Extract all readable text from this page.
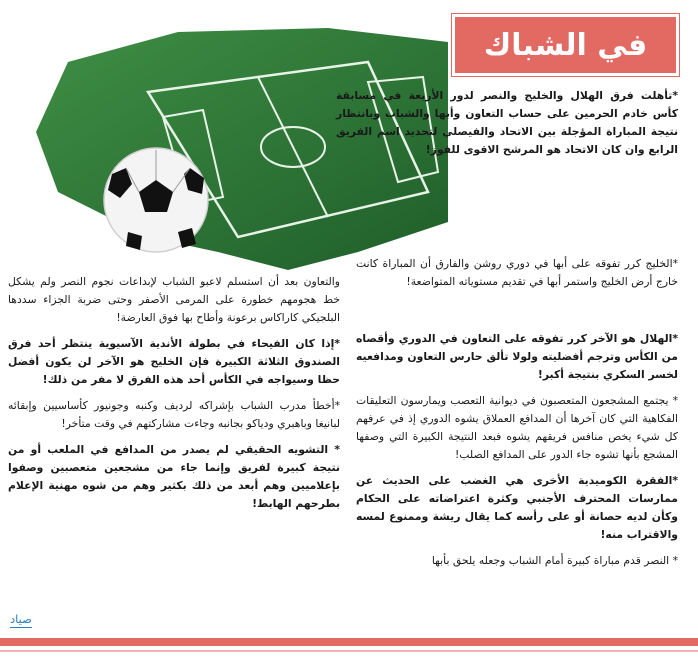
في الشباك

*تأهلت فرق الهلال والخليج والنصر لدور الأربعة في مسابقة كأس خادم الحرمين على حساب التعاون وأبها والشباب وبانتظار نتيجة المباراة المؤجلة بين الاتحاد والفيصلي لتحديد اسم الفريق الرابع وان كان الاتحاد هو المرشح الاقوى للفوز!

*الخليج كرر تفوقه على أبها في دوري روشن والفارق أن المباراة كانت خارج أرض الخليج واستمر أبها في تقديم مستوياته المتواضعة!

*الهلال هو الآخر كرر تفوقه على التعاون في الدوري وأقصاه من الكأس وترجم أفضليته ولولا تألق حارس التعاون ومدافعيه لخسر السكري بنتيجة أكبر!

* يجتمع المشجعون المتعصبون في ديوانية التعصب ويمارسون التعليقات الفكاهية التي كان آخرها أن المدافع العملاق يشوه الدوري إذ في عرفهم كل شيء يخص منافس فريقهم يشوه فبعد النتيجة الكبيرة التي وصفها المشجع بأنها تشوه جاء الدور على المدافع الصلب!

*الفقرة الكوميدية الأخرى هي الغضب على الحديث عن ممارسات المحترف الأجنبي وكثرة اعتراضاته على الحكام وكأن لديه حصانة أو على رأسه كما يقال ريشة وممنوع لمسه والاقتراب منه!

* النصر قدم مباراة كبيرة أمام الشباب وجعله يلحق بأبها

والتعاون بعد أن استسلم لاعبو الشباب لإبداعات نجوم النصر ولم يشكل خط هجومهم خطورة على المرمى الأصفر وحتى ضربة الجزاء سددها البلجيكي كاراكاس برعونة وأطاح بها فوق العارضة!

*إذا كان الفيحاء في بطولة الأندية الآسيوية ينتظر أحد فرق الصندوق الثلاثة الكبيرة فإن الخليج هو الآخر لن يكون أفضل حظا وسيواجه في الكأس أحد هذه الفرق لا مفر من ذلك!

*أخطأ مدرب الشباب بإشراكه لرديف وكنبه وجونيور كأساسيين وإبقائه لبانيغا وباهبري ودياكو بجانبه وجاءت مشاركتهم في وقت متأخر!

* التشويه الحقيقي لم يصدر من المدافع في الملعب أو من نتيجة كبيرة لفريق وإنما جاء من مشجعين متعصبين وصفوا بإعلاميين وهم أبعد من ذلك بكثير وهم من شوه مهنية الإعلام بطرحهم الهابط!

صياد
